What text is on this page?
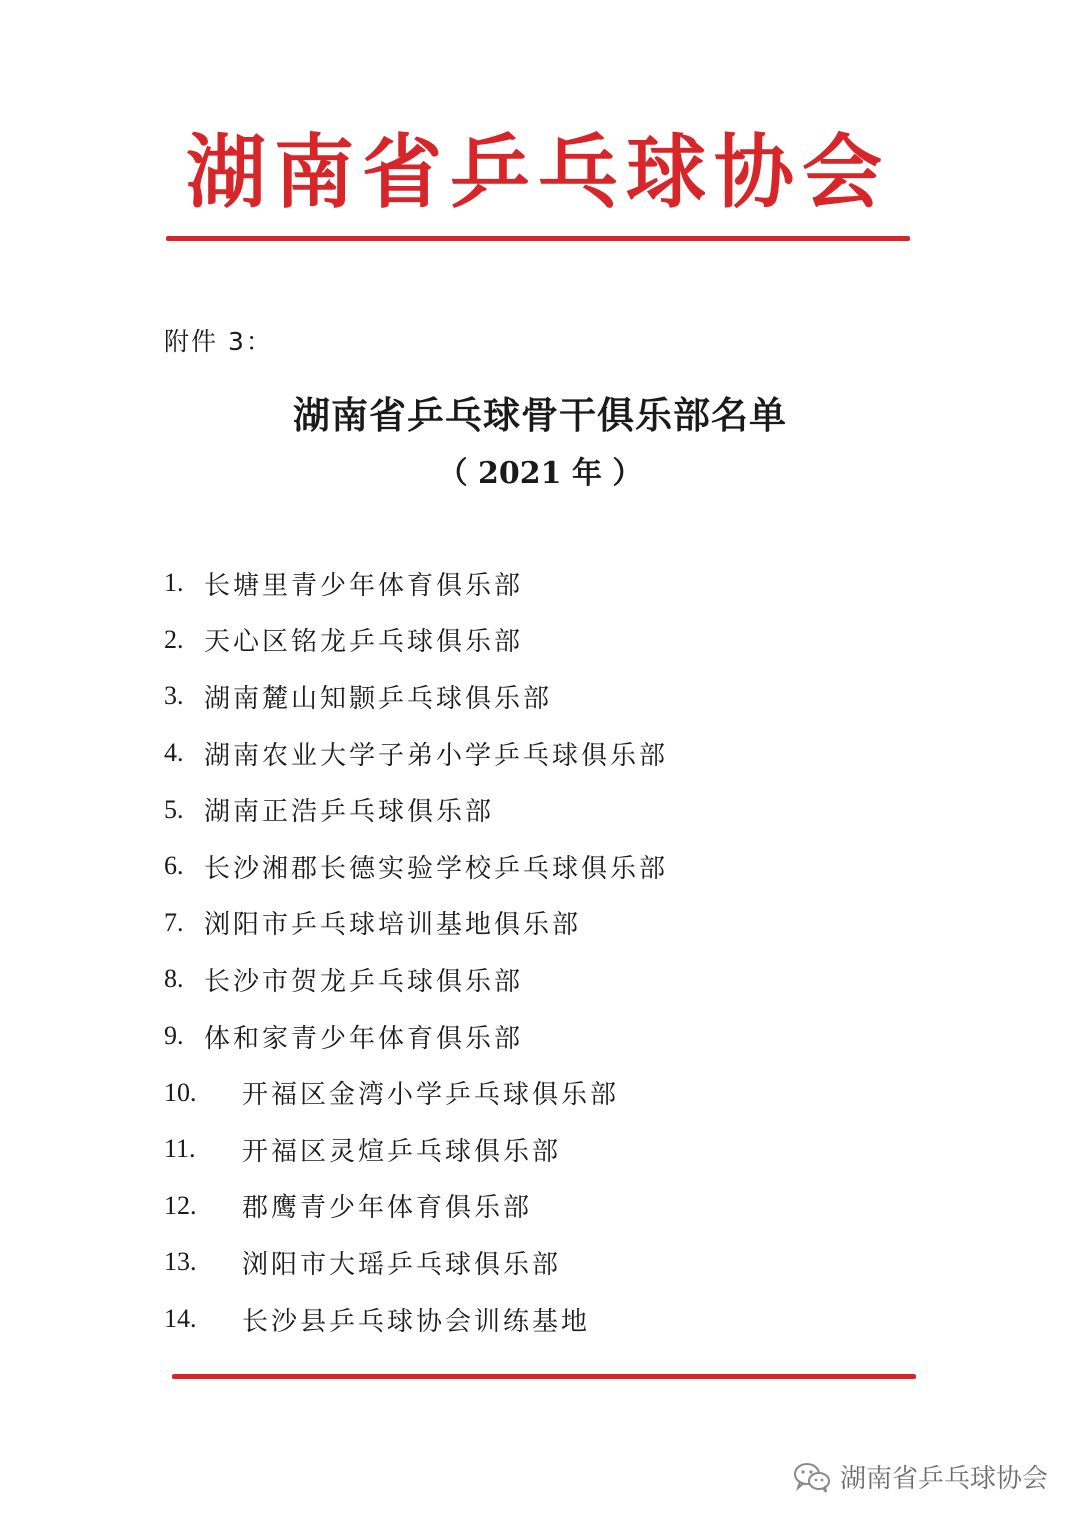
湖南省乒乓球协会
附件 3：
湖南省乒乓球骨干俱乐部名单
（ 2021 年 ）
1. 长塘里青少年体育俱乐部
2. 天心区铭龙乒乓球俱乐部
3. 湖南麓山知颢乒乓球俱乐部
4. 湖南农业大学子弟小学乒乓球俱乐部
5. 湖南正浩乒乓球俱乐部
6. 长沙湘郡长德实验学校乒乓球俱乐部
7. 浏阳市乒乓球培训基地俱乐部
8. 长沙市贺龙乒乓球俱乐部
9. 体和家青少年体育俱乐部
10.	开福区金湾小学乒乓球俱乐部
11.	开福区灵煊乒乓球俱乐部
12.	郡鹰青少年体育俱乐部
13.	浏阳市大瑶乒乓球俱乐部
14.	长沙县乒乓球协会训练基地
湖南省乒乓球协会
